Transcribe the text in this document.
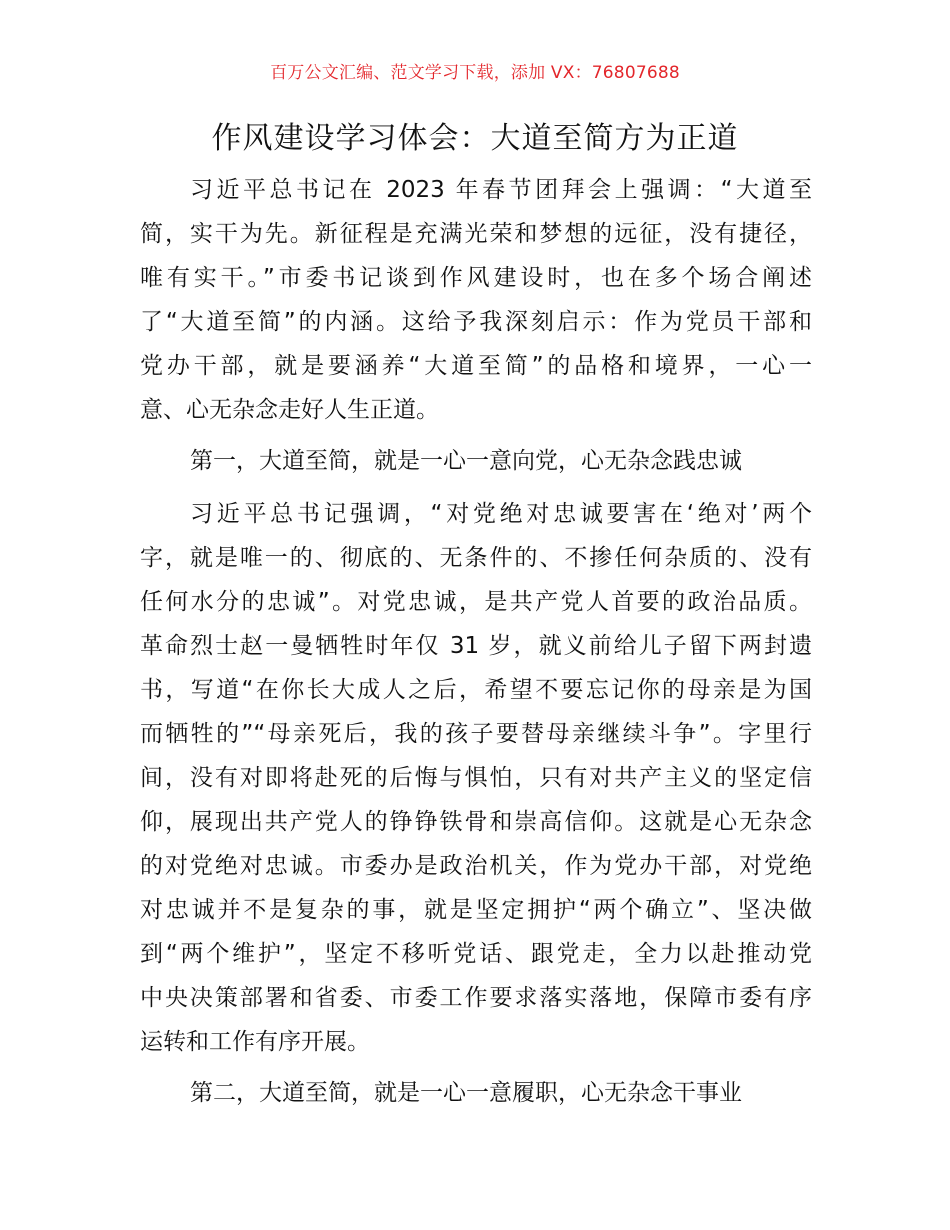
百万公文汇编、范文学习下载，添加 VX：76807688
作风建设学习体会：大道至简方为正道
第一，大道至简，就是一心一意向党，心无杂念践忠诚
第二，大道至简，就是一心一意履职，心无杂念干事业
习近平总书记在 2023 年春节团拜会上强调：“大道至
简，实干为先。新征程是充满光荣和梦想的远征，没有捷径，
唯有实干。”市委书记谈到作风建设时，也在多个场合阐述
了“大道至简”的内涵。这给予我深刻启示：作为党员干部和
党办干部，就是要涵养“大道至简”的品格和境界，一心一
意、心无杂念走好人生正道。
习近平总书记强调，“对党绝对忠诚要害在‘绝对’两个
字，就是唯一的、彻底的、无条件的、不掺任何杂质的、没有
任何水分的忠诚”。对党忠诚，是共产党人首要的政治品质。
革命烈士赵一曼牺牲时年仅 31 岁，就义前给儿子留下两封遗
书，写道“在你长大成人之后，希望不要忘记你的母亲是为国
而牺牲的”“母亲死后，我的孩子要替母亲继续斗争”。字里行
间，没有对即将赴死的后悔与惧怕，只有对共产主义的坚定信
仰，展现出共产党人的铮铮铁骨和崇高信仰。这就是心无杂念
的对党绝对忠诚。市委办是政治机关，作为党办干部，对党绝
对忠诚并不是复杂的事，就是坚定拥护“两个确立”、坚决做
到“两个维护”，坚定不移听党话、跟党走，全力以赴推动党
中央决策部署和省委、市委工作要求落实落地，保障市委有序
运转和工作有序开展。
